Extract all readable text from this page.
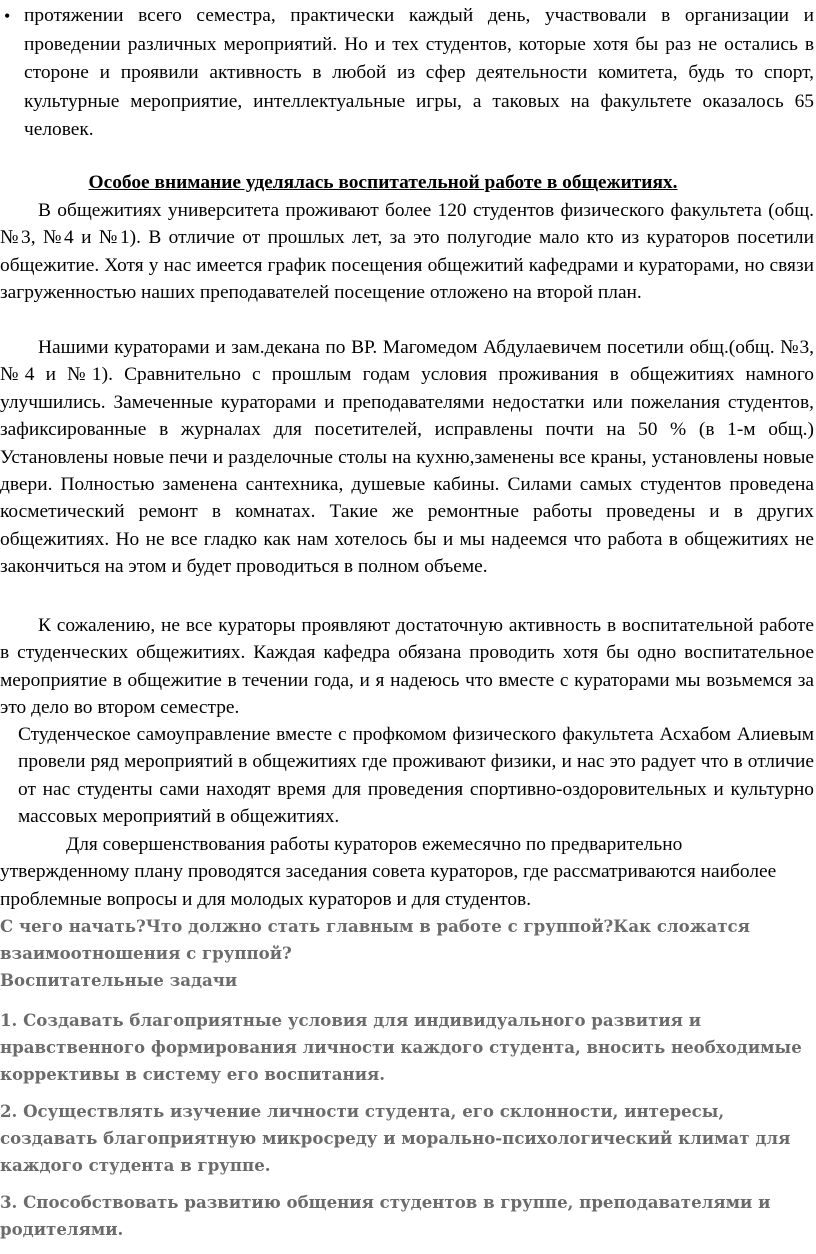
• протяжении всего семестра, практически каждый день, участвовали в организации и проведении различных мероприятий. Но и тех студентов, которые хотя бы раз не остались в стороне и проявили активность в любой из сфер деятельности комитета, будь то спорт, культурные мероприятие, интеллектуальные игры, а таковых на факультете оказалось 65 человек.
Особое внимание уделялась воспитательной работе в общежитиях.
В общежитиях университета проживают более 120 студентов физического факультета (общ. №3, №4 и №1). В отличие от прошлых лет, за это полугодие мало кто из кураторов посетили общежитие. Хотя у нас имеется график посещения общежитий кафедрами и кураторами, но связи загруженностью наших преподавателей посещение отложено на второй план.
Нашими кураторами и зам.декана по ВР. Магомедом Абдулаевичем посетили общ.(общ. №3, №4 и №1). Сравнительно с прошлым годам условия проживания в общежитиях намного улучшились. Замеченные кураторами и преподавателями недостатки или пожелания студентов, зафиксированные в журналах для посетителей, исправлены почти на 50 % (в 1-м общ.) Установлены новые печи и разделочные столы на кухню,заменены все краны, установлены новые двери. Полностью заменена сантехника, душевые кабины. Силами самых студентов проведена косметический ремонт в комнатах. Такие же ремонтные работы проведены и в других общежитиях. Но не все гладко как нам хотелось бы и мы надеемся что работа в общежитиях не закончиться на этом и будет проводиться в полном объеме.
К сожалению, не все кураторы проявляют достаточную активность в воспитательной работе в студенческих общежитиях. Каждая кафедра обязана проводить хотя бы одно воспитательное мероприятие в общежитие в течении года, и я надеюсь что вместе с кураторами мы возьмемся за это дело во втором семестре.
Студенческое самоуправление вместе с профкомом физического факультета Асхабом Алиевым провели ряд мероприятий в общежитиях где проживают физики, и нас это радует что в отличие от нас студенты сами находят время для проведения спортивно-оздоровительных и культурно массовых мероприятий в общежитиях.
Для совершенствования работы кураторов ежемесячно по предварительно утвержденному плану проводятся заседания совета кураторов, где рассматриваются наиболее проблемные вопросы и для молодых кураторов и для студентов.
С чего начать?Что должно стать главным в работе с группой?Как сложатся взаимоотношения с группой?
Воспитательные задачи
1. Создавать благоприятные условия для индивидуального развития и нравственного формирования личности каждого студента, вносить необходимые коррективы в систему его воспитания.
2. Осуществлять изучение личности студента, его склонности, интересы, создавать благоприятную микросреду и морально-психологический климат для каждого студента в группе.
3. Способствовать развитию общения студентов в группе, преподавателями и родителями.
